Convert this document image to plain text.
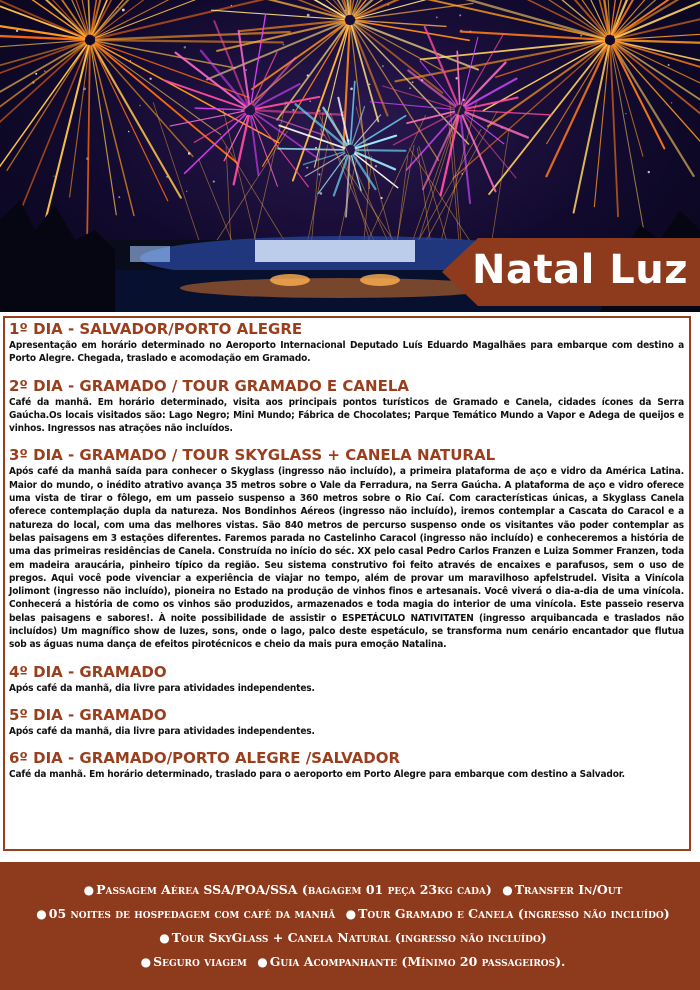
Natal Luz
1º DIA - SALVADOR/PORTO ALEGRE
Apresentação em horário determinado no Aeroporto Internacional Deputado Luís Eduardo Magalhães para embarque com destino a Porto Alegre. Chegada, traslado e acomodação em Gramado.
2º DIA - GRAMADO / TOUR GRAMADO E CANELA
Café da manhã. Em horário determinado, visita aos principais pontos turísticos de Gramado e Canela, cidades ícones da Serra Gaúcha.Os locais visitados são: Lago Negro; Mini Mundo; Fábrica de Chocolates; Parque Temático Mundo a Vapor e Adega de queijos e vinhos. Ingressos nas atrações não incluídos.
3º DIA - GRAMADO / TOUR SKYGLASS + CANELA NATURAL
Após café da manhã saída para conhecer o Skyglass (ingresso não incluído), a primeira plataforma de aço e vidro da América Latina. Maior do mundo, o inédito atrativo avança 35 metros sobre o Vale da Ferradura, na Serra Gaúcha. A plataforma de aço e vidro oferece uma vista de tirar o fôlego, em um passeio suspenso a 360 metros sobre o Rio Caí. Com características únicas, a Skyglass Canela oferece contemplação dupla da natureza. Nos Bondinhos Aéreos (ingresso não incluído), iremos contemplar a Cascata do Caracol e a natureza do local, com uma das melhores vistas. São 840 metros de percurso suspenso onde os visitantes vão poder contemplar as belas paisagens em 3 estações diferentes. Faremos parada no Castelinho Caracol (ingresso não incluído) e conheceremos a história de uma das primeiras residências de Canela. Construída no início do séc. XX pelo casal Pedro Carlos Franzen e Luiza Sommer Franzen, toda em madeira araucária, pinheiro típico da região. Seu sistema construtivo foi feito através de encaixes e parafusos, sem o uso de pregos. Aqui você pode vivenciar a experiência de viajar no tempo, além de provar um maravilhoso apfelstrudel. Visita a Vinícola Jolimont (ingresso não incluído), pioneira no Estado na produção de vinhos finos e artesanais. Você viverá o dia-a-dia de uma vinícola. Conhecerá a história de como os vinhos são produzidos, armazenados e toda magia do interior de uma vinícola. Este passeio reserva belas paisagens e sabores!. À noite possibilidade de assistir o ESPETÁCULO NATIVITATEN (ingresso arquibancada e traslados não incluídos) Um magnífico show de luzes, sons, onde o lago, palco deste espetáculo, se transforma num cenário encantador que flutua sob as águas numa dança de efeitos pirotécnicos e cheio da mais pura emoção Natalina.
4º DIA - GRAMADO
Após café da manhã, dia livre para atividades independentes.
5º DIA - GRAMADO
Após café da manhã, dia livre para atividades independentes.
6º DIA - GRAMADO/PORTO ALEGRE /SALVADOR
Café da manhã. Em horário determinado, traslado para o aeroporto em Porto Alegre para embarque com destino a Salvador.
● Passagem Aérea SSA/POA/SSA (bagagem 01 peça 23kg cada) ● Transfer In/Out
● 05 noites de hospedagem com café da manhã ● Tour Gramado e Canela (ingresso não incluído)
● Tour SkyGlass + Canela Natural (ingresso não incluído)
● Seguro viagem ● Guia Acompanhante (Mínimo 20 passageiros).
